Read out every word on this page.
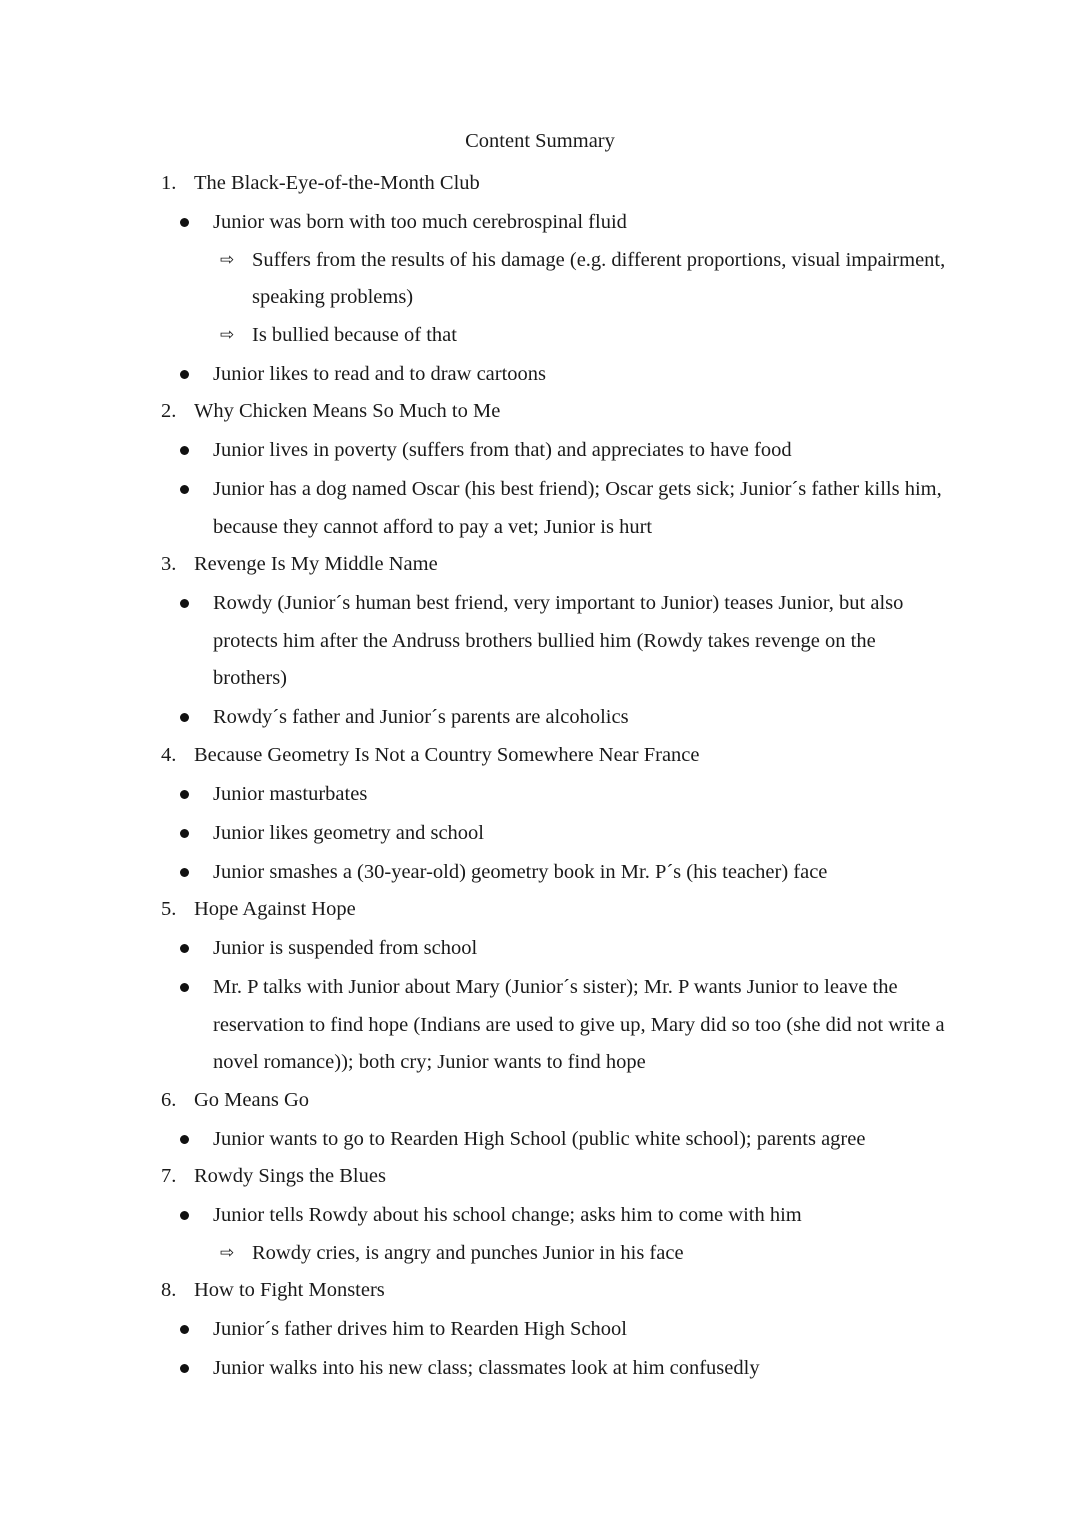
Content Summary
1. The Black-Eye-of-the-Month Club
Junior was born with too much cerebrospinal fluid
⇨ Suffers from the results of his damage (e.g. different proportions, visual impairment, speaking problems)
⇨ Is bullied because of that
Junior likes to read and to draw cartoons
2. Why Chicken Means So Much to Me
Junior lives in poverty (suffers from that) and appreciates to have food
Junior has a dog named Oscar (his best friend); Oscar gets sick; Junior´s father kills him, because they cannot afford to pay a vet; Junior is hurt
3. Revenge Is My Middle Name
Rowdy (Junior´s human best friend, very important to Junior) teases Junior, but also protects him after the Andruss brothers bullied him (Rowdy takes revenge on the brothers)
Rowdy´s father and Junior´s parents are alcoholics
4. Because Geometry Is Not a Country Somewhere Near France
Junior masturbates
Junior likes geometry and school
Junior smashes a (30-year-old) geometry book in Mr. P´s (his teacher) face
5. Hope Against Hope
Junior is suspended from school
Mr. P talks with Junior about Mary (Junior´s sister); Mr. P wants Junior to leave the reservation to find hope (Indians are used to give up, Mary did so too (she did not write a novel romance)); both cry; Junior wants to find hope
6. Go Means Go
Junior wants to go to Rearden High School (public white school); parents agree
7. Rowdy Sings the Blues
Junior tells Rowdy about his school change; asks him to come with him
⇨ Rowdy cries, is angry and punches Junior in his face
8. How to Fight Monsters
Junior´s father drives him to Rearden High School
Junior walks into his new class; classmates look at him confusedly
